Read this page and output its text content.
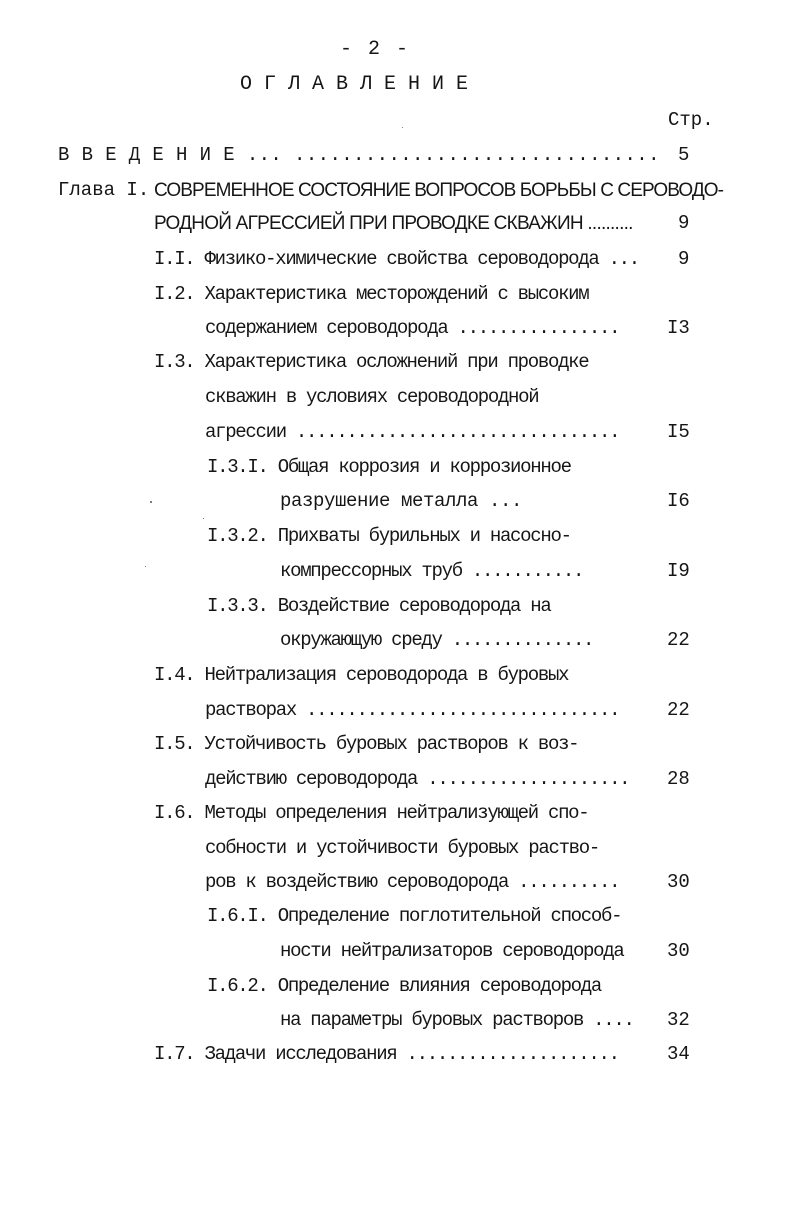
- 2 -
ОГЛАВЛЕНИЕ
Стр.
В В Е Д Е Н И Е ... ............................... 5
Глава I. СОВРЕМЕННОЕ СОСТОЯНИЕ ВОПРОСОВ БОРЬБЫ С СЕРОВОДО-
РОДНОЙ АГРЕССИЕЙ ПРИ ПРОВОДКЕ СКВАЖИН .......... 9
I.I. Физико-химические свойства сероводорода ... 9
I.2. Характеристика месторождений с высоким
содержанием сероводорода ................	I3
I.3. Характеристика осложнений при проводке
скважин в условиях сероводородной
агрессии ................................	I5
I.3.I. Общая коррозия и коррозионное
разрушение металла ...	I6
I.3.2. Прихваты бурильных и насосно-
компрессорных труб ...........	I9
I.3.3. Воздействие сероводорода на
окружающую среду ..............	22
I.4. Нейтрализация сероводорода в буровых
растворах ...............................	22
I.5. Устойчивость буровых растворов к воз-
действию сероводорода .................... 28
I.6. Методы определения нейтрализующей спо-
собности и устойчивости буровых раство-
ров к воздействию сероводорода ..........	30
I.6.I. Определение поглотительной способ-
ности нейтрализаторов сероводорода 30
I.6.2. Определение влияния сероводорода
на параметры буровых растворов .... 32
I.7. Задачи исследования .....................	34
